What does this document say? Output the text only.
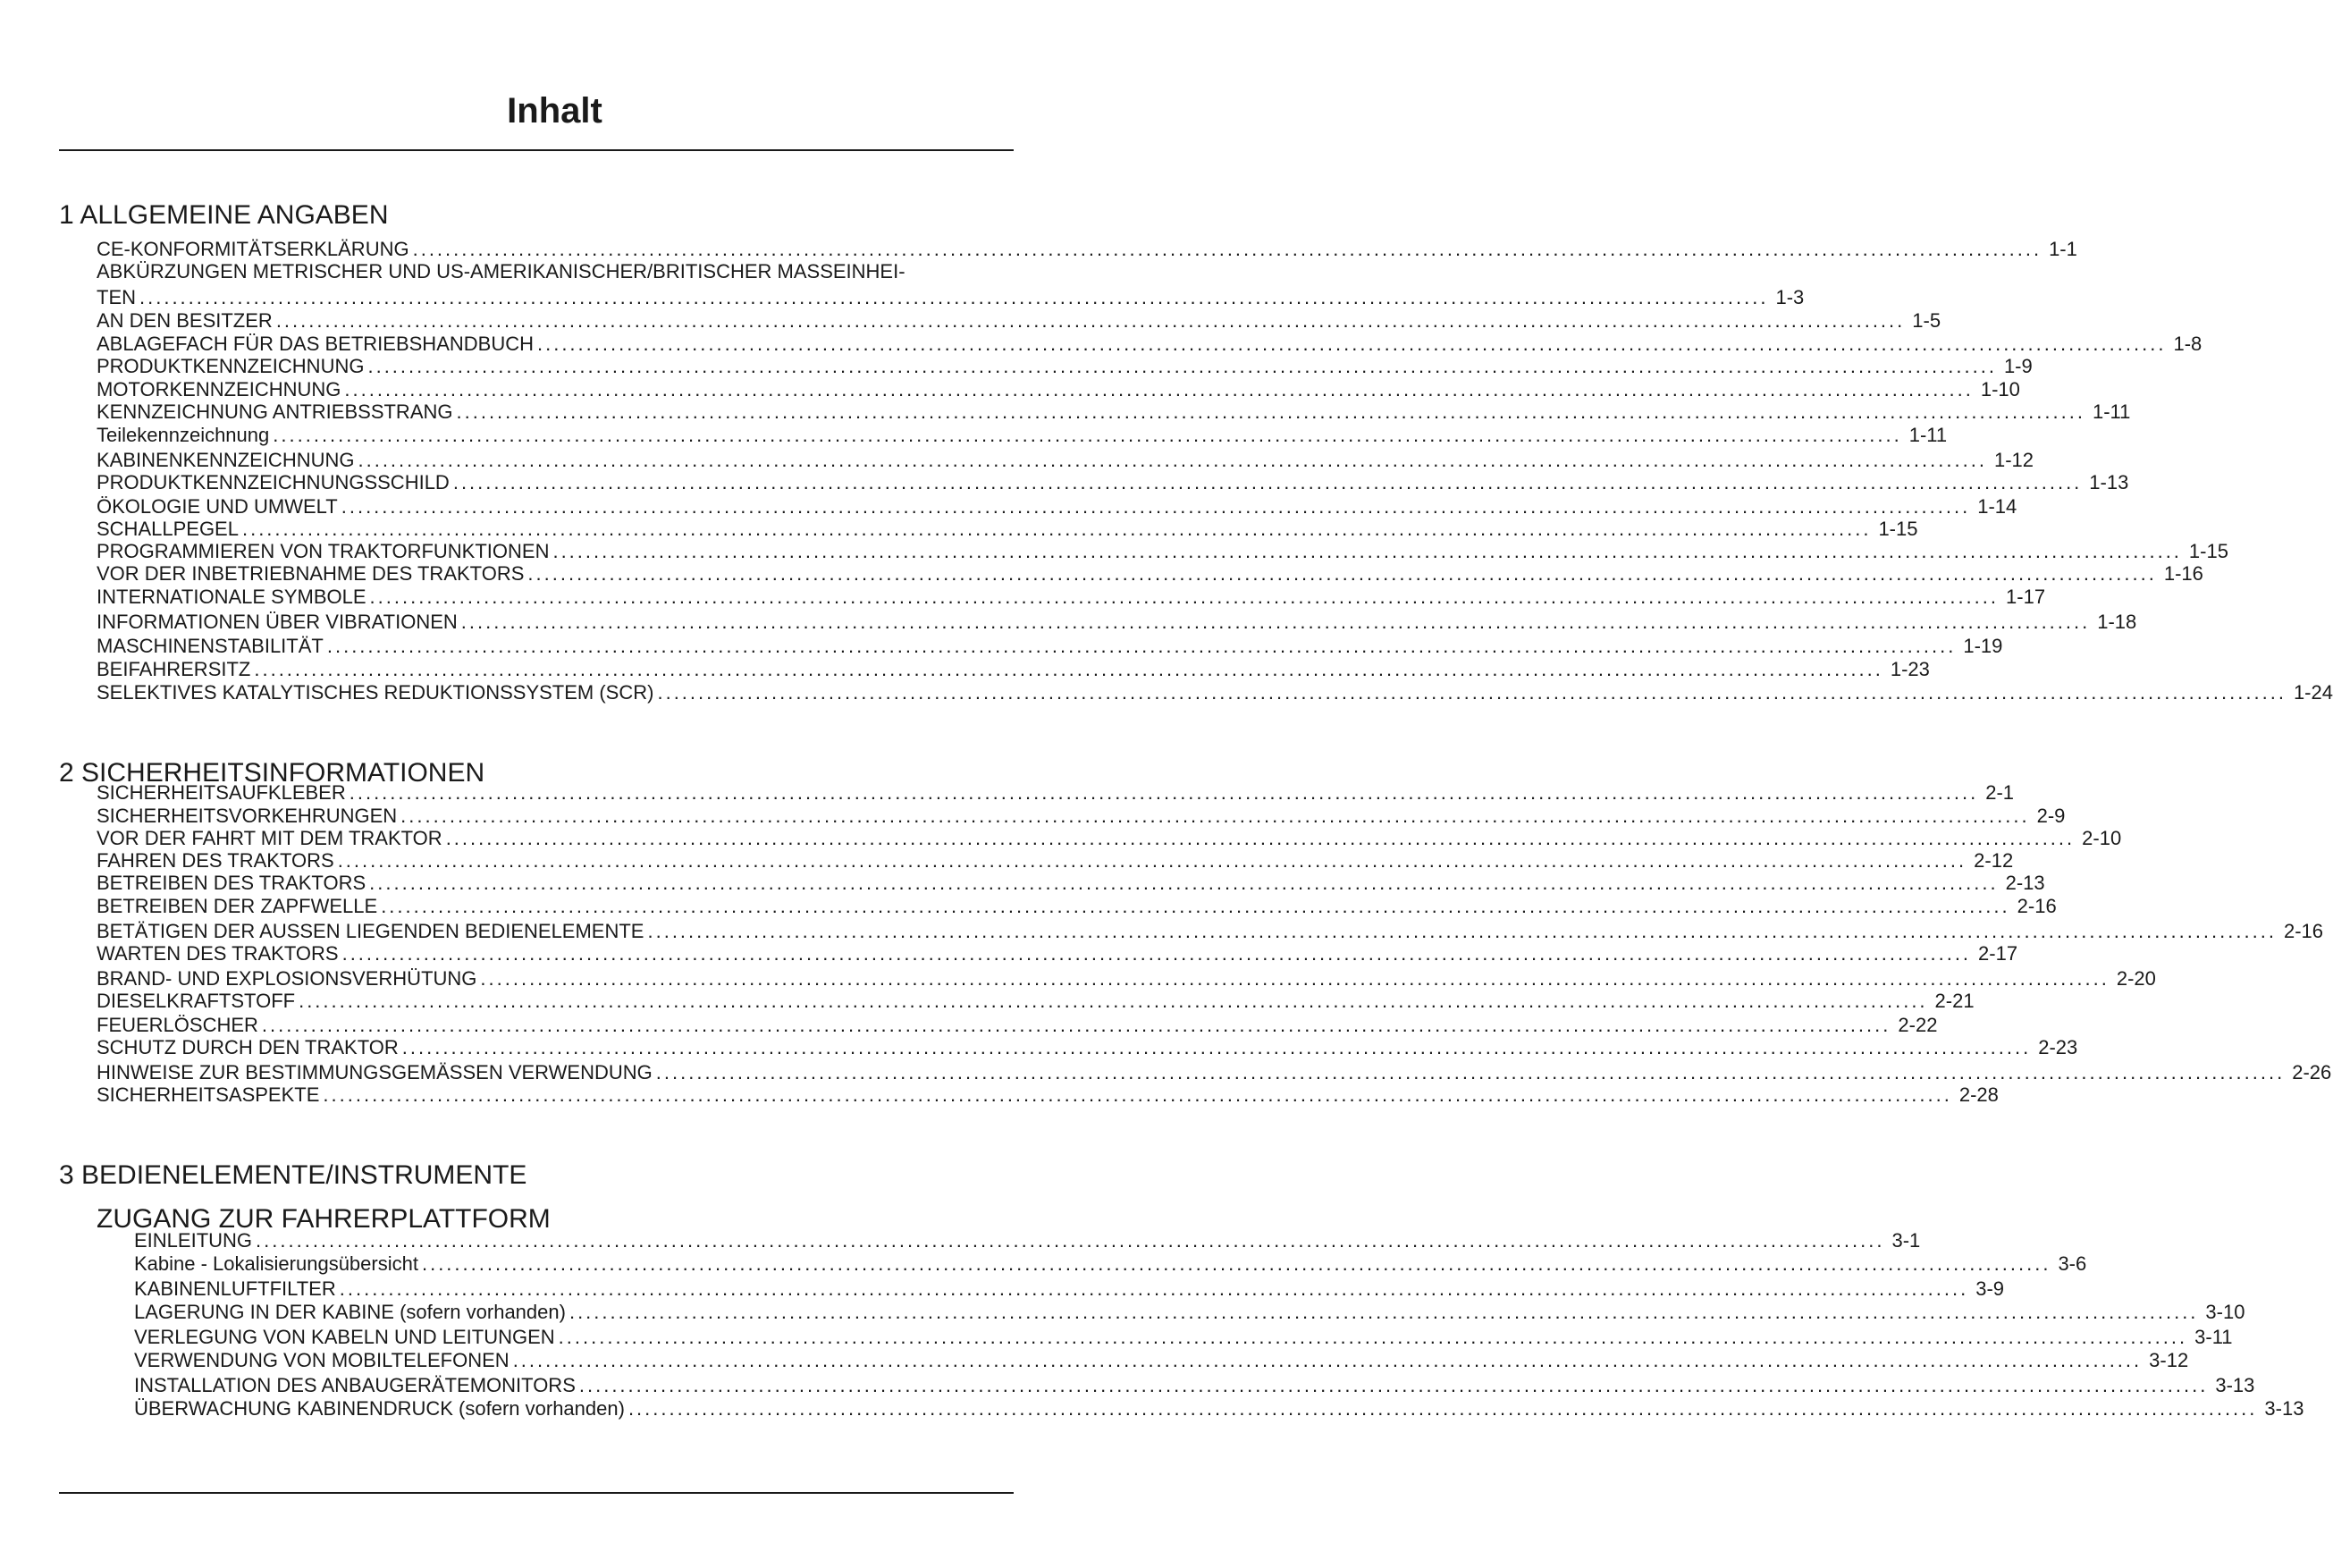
Inhalt
1 ALLGEMEINE ANGABEN
CE-KONFORMITÄTSERKLÄRUNG ........................................................................................................................................................................................................ 1-1
ABKÜRZUNGEN METRISCHER UND US-AMERIKANISCHER/BRITISCHER MASSEINHEI-
TEN ........................................................................................................................................................................................................ 1-3
AN DEN BESITZER ........................................................................................................................................................................................................ 1-5
ABLAGEFACH FÜR DAS BETRIEBSHANDBUCH ........................................................................................................................................................................................................ 1-8
PRODUKTKENNZEICHNUNG ........................................................................................................................................................................................................ 1-9
MOTORKENNZEICHNUNG ........................................................................................................................................................................................................ 1-10
KENNZEICHNUNG ANTRIEBSSTRANG ........................................................................................................................................................................................................ 1-11
Teilekennzeichnung ........................................................................................................................................................................................................ 1-11
KABINENKENNZEICHNUNG ........................................................................................................................................................................................................ 1-12
PRODUKTKENNZEICHNUNGSSCHILD ........................................................................................................................................................................................................ 1-13
ÖKOLOGIE UND UMWELT ........................................................................................................................................................................................................ 1-14
SCHALLPEGEL ........................................................................................................................................................................................................ 1-15
PROGRAMMIEREN VON TRAKTORFUNKTIONEN ........................................................................................................................................................................................................ 1-15
VOR DER INBETRIEBNAHME DES TRAKTORS ........................................................................................................................................................................................................ 1-16
INTERNATIONALE SYMBOLE ........................................................................................................................................................................................................ 1-17
INFORMATIONEN ÜBER VIBRATIONEN ........................................................................................................................................................................................................ 1-18
MASCHINENSTABILITÄT ........................................................................................................................................................................................................ 1-19
BEIFAHRERSITZ ........................................................................................................................................................................................................ 1-23
SELEKTIVES KATALYTISCHES REDUKTIONSSYSTEM (SCR) ........................................................................................................................................................................................................ 1-24
2 SICHERHEITSINFORMATIONEN
SICHERHEITSAUFKLEBER ........................................................................................................................................................................................................ 2-1
SICHERHEITSVORKEHRUNGEN ........................................................................................................................................................................................................ 2-9
VOR DER FAHRT MIT DEM TRAKTOR ........................................................................................................................................................................................................ 2-10
FAHREN DES TRAKTORS ........................................................................................................................................................................................................ 2-12
BETREIBEN DES TRAKTORS ........................................................................................................................................................................................................ 2-13
BETREIBEN DER ZAPFWELLE ........................................................................................................................................................................................................ 2-16
BETÄTIGEN DER AUSSEN LIEGENDEN BEDIENELEMENTE ........................................................................................................................................................................................................ 2-16
WARTEN DES TRAKTORS ........................................................................................................................................................................................................ 2-17
BRAND- UND EXPLOSIONSVERHÜTUNG ........................................................................................................................................................................................................ 2-20
DIESELKRAFTSTOFF ........................................................................................................................................................................................................ 2-21
FEUERLÖSCHER ........................................................................................................................................................................................................ 2-22
SCHUTZ DURCH DEN TRAKTOR ........................................................................................................................................................................................................ 2-23
HINWEISE ZUR BESTIMMUNGSGEMÄSSEN VERWENDUNG ........................................................................................................................................................................................................ 2-26
SICHERHEITSASPEKTE ........................................................................................................................................................................................................ 2-28
3 BEDIENELEMENTE/INSTRUMENTE
ZUGANG ZUR FAHRERPLATTFORM
EINLEITUNG ........................................................................................................................................................................................................ 3-1
Kabine - Lokalisierungsübersicht ........................................................................................................................................................................................................ 3-6
KABINENLUFTFILTER ........................................................................................................................................................................................................ 3-9
LAGERUNG IN DER KABINE (sofern vorhanden) ........................................................................................................................................................................................................ 3-10
VERLEGUNG VON KABELN UND LEITUNGEN ........................................................................................................................................................................................................ 3-11
VERWENDUNG VON MOBILTELEFONEN ........................................................................................................................................................................................................ 3-12
INSTALLATION DES ANBAUGERÄTEMONITORS ........................................................................................................................................................................................................ 3-13
ÜBERWACHUNG KABINENDRUCK (sofern vorhanden) ........................................................................................................................................................................................................ 3-13
